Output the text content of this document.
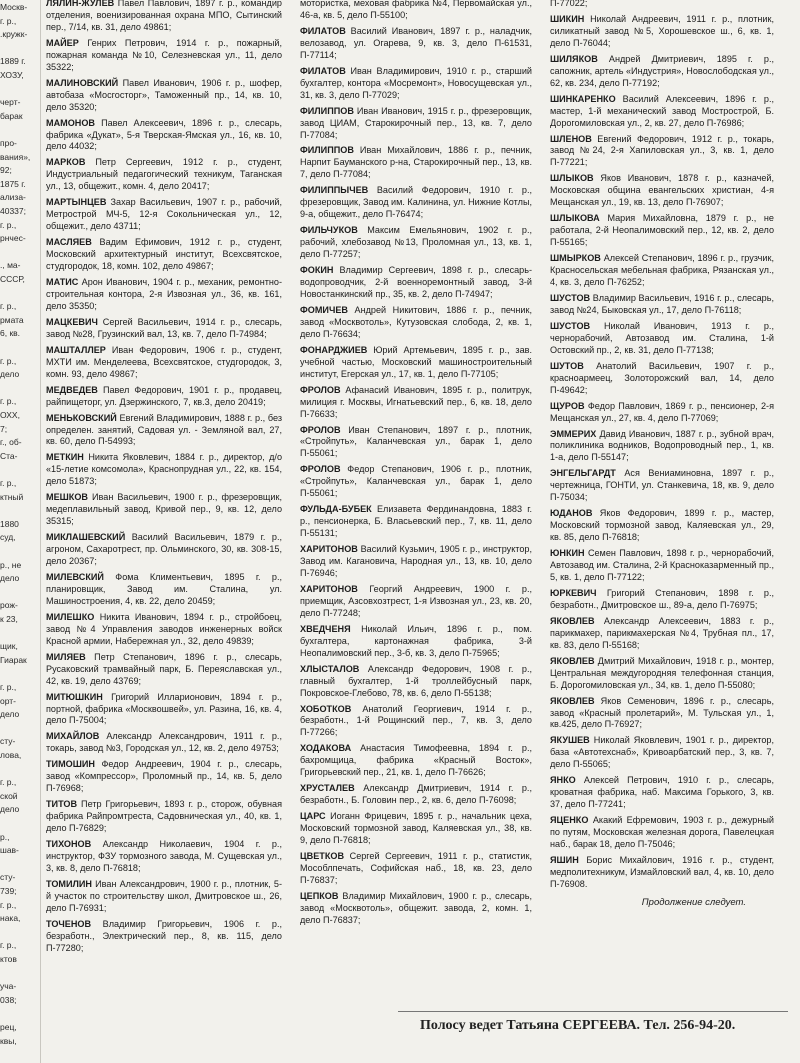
Москв-
г. р.,
.кружк-
1889 г.
ХОЗУ,
черт-
барак
про-
вания»,
92;
1875 г.
ализа-
40337;
г. р.,
рнчес-
., ма-
СССР,
г. р.,
рмата
6, кв.
г. р.,
дело
г. р.,
ОХХ,
7;
г., об-
Ста-
г. р.,
ктный
1880
суд,
р., не
дело
рож-
к 23,
щик,
Гиарак
г. р.,
орт-
дело
сту-
лова,
г. р.,
ской
дело
р.,
шав-
сту-
739;
г. р.,
нака,
г. р.,
ктов
уча-
038;
рец,
квы,
ЛЯЛИН-ЖУЛЕВ Павел Павлович, 1897 г. р., командир отделения, военизированная охрана МПО, Сытинский пер., 7/14, кв. 31, дело 49861;
МАЙЕР Генрих Петрович, 1914 г. р., пожарный, пожарная команда №10, Селезневская ул., 11, дело 35322;
МАЛИНОВСКИЙ Павел Иванович, 1906 г. р., шофер, автобаза «Мосгосторг», Таможенный пр., 14, кв. 10, дело 35320;
МАМОНОВ Павел Алексеевич, 1896 г. р., слесарь, фабрика «Дукат», 5-я Тверская-Ямская ул., 16, кв. 10, дело 44032;
МАРКОВ Петр Сергеевич, 1912 г. р., студент, Индустриальный педагогический техникум, Таганская ул., 13, общежит., комн. 4, дело 20417;
МАРТЫНЦЕВ Захар Васильевич, 1907 г. р., рабочий, Метрострой МЧ-5, 12-я Сокольническая ул., 12, общежит., дело 43711;
МАСЛЯЕВ Вадим Ефимович, 1912 г. р., студент, Московский архитектурный институт, Всехсвятское, студгородок, 18, комн. 102, дело 49867;
МАТИС Арон Иванович, 1904 г. р., механик, ремонтно-строительная контора, 2-я Извозная ул., 36, кв. 161, дело 35350;
МАЦКЕВИЧ Сергей Васильевич, 1914 г. р., слесарь, завод №28, Грузинский вал, 13, кв. 7, дело П-74984;
МАШТАЛЛЕР Иван Федорович, 1906 г. р., студент, МХТИ им. Менделеева, Всехсвятское, студгородок, 3, комн. 93, дело 49867;
МЕДВЕДЕВ Павел Федорович, 1901 г. р., продавец, райпищеторг, ул. Дзержинского, 7, кв.3, дело 20419;
МЕНЬКОВСКИЙ Евгений Владимирович, 1888 г. р., без определен. занятий, Садовая ул. - Земляной вал, 27, кв. 60, дело П-54993;
МЕТКИН Никита Яковлевич, 1884 г. р., директор, д/о «15-летие комсомола», Краснопрудная ул., 22, кв. 154, дело 51873;
МЕШКОВ Иван Васильевич, 1900 г. р., фрезеровщик, медеплавильный завод, Кривой пер., 9, кв. 12, дело 35315;
МИКЛАШЕВСКИЙ Василий Васильевич, 1879 г. р., агроном, Сахаротрест, пр. Ольминского, 30, кв. 308-15, дело 20367;
МИЛЕВСКИЙ Фома Климентьевич, 1895 г. р., планировщик, Завод им. Сталина, ул. Машиностроения, 4, кв. 22, дело 20459;
МИЛЕШКО Никита Иванович, 1894 г. р., стройбоец, завод №4 Управления заводов инженерных войск Красной армии, Набережная ул., 32, дело 49839;
МИЛЯЕВ Петр Степанович, 1896 г. р., слесарь, Русаковский трамвайный парк, Б. Переяславская ул., 42, кв. 19, дело 43769;
МИТЮШКИН Григорий Илларионович, 1894 г. р., портной, фабрика «Москвошвей», ул. Разина, 16, кв. 4, дело П-75004;
МИХАЙЛОВ Александр Александрович, 1911 г. р., токарь, завод №3, Городская ул., 12, кв. 2, дело 49753;
ТИМОШИН Федор Андреевич, 1904 г. р., слесарь, завод «Компрессор», Проломный пр., 14, кв. 5, дело П-76968;
ТИТОВ Петр Григорьевич, 1893 г. р., сторож, обувная фабрика Райпромтреста, Садовническая ул., 40, кв. 1, дело П-76829;
ТИХОНОВ Александр Николаевич, 1904 г. р., инструктор, ФЗУ тормозного завода, М. Сущевская ул., 3, кв. 8, дело П-76818;
ТОМИЛИН Иван Александрович, 1900 г. р., плотник, 5-й участок по строительству школ, Дмитровское ш., 26, дело П-76931;
ТОЧЕНОВ Владимир Григорьевич, 1906 г. р., безработн., Электрический пер., 8, кв. 115, дело П-77280;
мотористка, меховая фабрика №4, Первомайская ул., 46-а, кв. 5, дело П-55100;
ФИЛАТОВ Василий Иванович, 1897 г. р., наладчик, велозавод, ул. Огарева, 9, кв. 3, дело П-61531, П-77114;
ФИЛАТОВ Иван Владимирович, 1910 г. р., старший бухгалтер, контора «Мосремонт», Новосущевская ул., 31, кв. 3, дело П-77029;
ФИЛИППОВ Иван Иванович, 1915 г. р., фрезеровщик, завод ЦИАМ, Старокирочный пер., 13, кв. 7, дело П-77084;
ФИЛИППОВ Иван Михайлович, 1886 г. р., печник, Нарпит Бауманского р-на, Старокирочный пер., 13, кв. 7, дело П-77084;
ФИЛИППЫЧЕВ Василий Федорович, 1910 г. р., фрезеровщик, Завод им. Калинина, ул. Нижние Котлы, 9-а, общежит., дело П-76474;
ФИЛЬЧУКОВ Максим Емельянович, 1902 г. р., рабочий, хлебозавод №13, Проломная ул., 13, кв. 1, дело П-77257;
ФОКИН Владимир Сергеевич, 1898 г. р., слесарь-водопроводчик, 2-й военноремонтный завод, 3-й Новостанкинский пр., 35, кв. 2, дело П-74947;
ФОМИЧЕВ Андрей Никитович, 1886 г. р., печник, завод «Москвотоль», Кутузовская слобода, 2, кв. 1, дело П-76634;
ФОНАРДЖИЕВ Юрий Артемьевич, 1895 г. р., зав. учебной частью, Московский машиностроительный институт, Егерская ул., 17, кв. 1, дело П-77105;
ФРОЛОВ Афанасий Иванович, 1895 г. р., политрук, милиция г. Москвы, Игнатьевский пер., 6, кв. 18, дело П-76633;
ФРОЛОВ Иван Степанович, 1897 г. р., плотник, «Стройпуть», Каланчевская ул., барак 1, дело П-55061;
ФРОЛОВ Федор Степанович, 1906 г. р., плотник, «Стройпуть», Каланчевская ул., барак 1, дело П-55061;
ФУЛЬДА-БУБЕК Елизавета Фердинандовна, 1883 г. р., пенсионерка, Б. Власьевский пер., 7, кв. 11, дело П-55131;
ХАРИТОНОВ Василий Кузьмич, 1905 г. р., инструктор, Завод им. Кагановича, Народная ул., 13, кв. 10, дело П-76946;
ХАРИТОНОВ Георгий Андреевич, 1900 г. р., приемщик, Азсовхозтрест, 1-я Извозная ул., 23, кв. 20, дело П-77248;
ХВЕДЧЕНЯ Николай Ильич, 1896 г. р., пом. бухгалтера, картонажная фабрика, 3-й Неопалимовский пер., 3-б, кв. 3, дело П-75965;
ХЛЫСТАЛОВ Александр Федорович, 1908 г. р., главный бухгалтер, 1-й троллейбусный парк, Покровское-Глебово, 78, кв. 6, дело П-55138;
ХОБОТКОВ Анатолий Георгиевич, 1914 г. р., безработн., 1-й Рощинский пер., 7, кв. 3, дело П-77266;
ХОДАКОВА Анастасия Тимофеевна, 1894 г. р., бахромщица, фабрика «Красный Восток», Григорьевский пер., 21, кв. 1, дело П-76626;
ХРУСТАЛЕВ Александр Дмитриевич, 1914 г. р., безработн., Б. Головин пер., 2, кв. 6, дело П-76098;
ЦАРС Иоганн Фрицевич, 1895 г. р., начальник цеха, Московский тормозной завод, Каляевская ул., 38, кв. 9, дело П-76818;
ЦВЕТКОВ Сергей Сергеевич, 1911 г. р., статистик, Мособлпечать, Софийская наб., 18, кв. 23, дело П-76837;
ЦЕПКОВ Владимир Михайлович, 1900 г. р., слесарь, завод «Москвотоль», общежит. завода, 2, комн. 1, дело П-76837;
П-77022;
ШИКИН Николай Андреевич, 1911 г. р., плотник, силикатный завод №5, Хорошевское ш., 6, кв. 1, дело П-76044;
ШИЛЯКОВ Андрей Дмитриевич, 1895 г. р., сапожник, артель «Индустрия», Новослободская ул., 62, кв. 234, дело П-77192;
ШИНКАРЕНКО Василий Алексеевич, 1896 г. р., мастер, 1-й механический завод Мострострой, Б. Дорогомиловская ул., 2, кв. 27, дело П-76986;
ШЛЕНОВ Евгений Федорович, 1912 г. р., токарь, завод №24, 2-я Хапиловская ул., 3, кв. 1, дело П-77221;
ШЛЫКОВ Яков Иванович, 1878 г. р., казначей, Московская община евангельских христиан, 4-я Мещанская ул., 19, кв. 13, дело П-76907;
ШЛЫКОВА Мария Михайловна, 1879 г. р., не работала, 2-й Неопалимовский пер., 12, кв. 2, дело П-55165;
ШМЫРКОВ Алексей Степанович, 1896 г. р., грузчик, Красносельская мебельная фабрика, Рязанская ул., 4, кв. 3, дело П-76252;
ШУСТОВ Владимир Васильевич, 1916 г. р., слесарь, завод №24, Быковская ул., 17, дело П-76118;
ШУСТОВ Николай Иванович, 1913 г. р., чернорабочий, Автозавод им. Сталина, 1-й Остовский пр., 2, кв. 31, дело П-77138;
ШУТОВ Анатолий Васильевич, 1907 г. р., красноармеец, Золоторожский вал, 14, дело П-49642;
ЩУРОВ Федор Павлович, 1869 г. р., пенсионер, 2-я Мещанская ул., 27, кв. 4, дело П-77069;
ЭММЕРИХ Давид Иванович, 1887 г. р., зубной врач, поликлиника водников, Водопроводный пер., 1, кв. 1-а, дело П-55147;
ЭНГЕЛЬГАРДТ Ася Вениаминовна, 1897 г. р., чертежница, ГОНТИ, ул. Станкевича, 18, кв. 9, дело П-75034;
ЮДАНОВ Яков Федорович, 1899 г. р., мастер, Московский тормозной завод, Каляевская ул., 29, кв. 85, дело П-76818;
ЮНКИН Семен Павлович, 1898 г. р., чернорабочий, Автозавод им. Сталина, 2-й Красноказарменный пр., 5, кв. 1, дело П-77122;
ЮРКЕВИЧ Григорий Степанович, 1898 г. р., безработн., Дмитровское ш., 89-а, дело П-76975;
ЯКОВЛЕВ Александр Алексеевич, 1883 г. р., парикмахер, парикмахерская №4, Трубная пл., 17, кв. 83, дело П-55168;
ЯКОВЛЕВ Дмитрий Михайлович, 1918 г. р., монтер, Центральная междугородняя телефонная станция, Б. Дорогомиловская ул., 34, кв. 1, дело П-55080;
ЯКОВЛЕВ Яков Семенович, 1896 г. р., слесарь, завод «Красный пролетарий», М. Тульская ул., 1, кв.425, дело П-76927;
ЯКУШЕВ Николай Яковлевич, 1901 г. р., директор, база «Автотехснаб», Кривоарбатский пер., 3, кв. 7, дело П-55065;
ЯНКО Алексей Петрович, 1910 г. р., слесарь, кроватная фабрика, наб. Максима Горького, 3, кв. 37, дело П-77241;
ЯЦЕНКО Акакий Ефремович, 1903 г. р., дежурный по путям, Московская железная дорога, Павелецкая наб., барак 18, дело П-75046;
ЯШИН Борис Михайлович, 1916 г. р., студент, медполитехникум, Измайловский вал, 4, кв. 10, дело П-76908.
Продолжение следует.
Полосу ведет Татьяна СЕРГЕЕВА. Тел. 256-94-20.
